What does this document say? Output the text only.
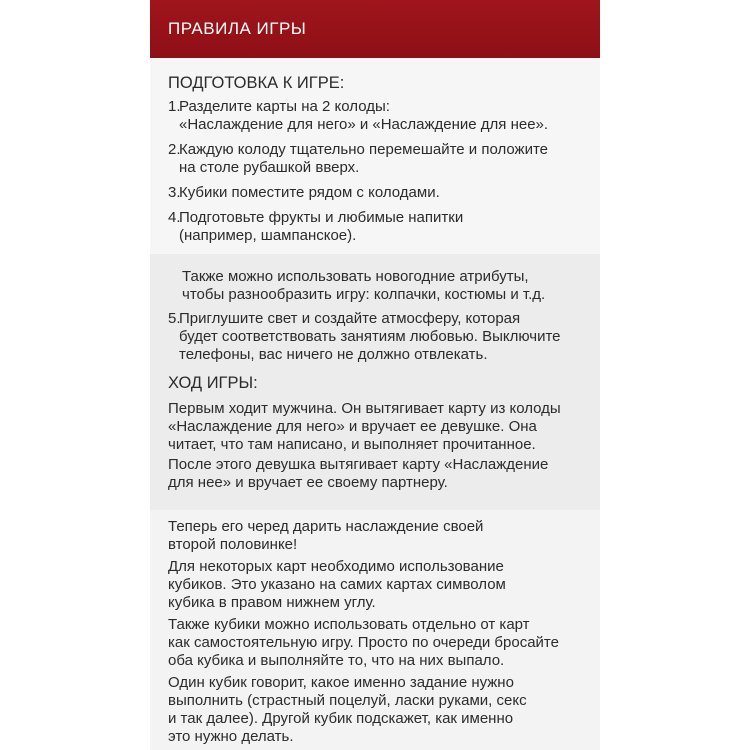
ПРАВИЛА ИГРЫ
ПОДГОТОВКА К ИГРЕ:
1.
Разделите карты на 2 колоды:
«Наслаждение для него» и «Наслаждение для нее».
2.
Каждую колоду тщательно перемешайте и положите
на столе рубашкой вверх.
3.
Кубики поместите рядом с колодами.
4.
Подготовьте фрукты и любимые напитки
(например, шампанское).

Также можно использовать новогодние атрибуты,
чтобы разнообразить игру: колпачки, костюмы и т.д.

5.
Приглушите свет и создайте атмосферу, которая
будет соответствовать занятиям любовью. Выключите
телефоны, вас ничего не должно отвлекать.
ХОД ИГРЫ:

Первым ходит мужчина. Он вытягивает карту из колоды
«Наслаждение для него» и вручает ее девушке. Она
читает, что там написано, и выполняет прочитанное.

После этого девушка вытягивает карту «Наслаждение
для нее» и вручает ее своему партнеру.

Теперь его черед дарить наслаждение своей
второй половинке!

Для некоторых карт необходимо использование
кубиков. Это указано на самих картах символом
кубика в правом нижнем углу.

Также кубики можно использовать отдельно от карт
как самостоятельную игру. Просто по очереди бросайте
оба кубика и выполняйте то, что на них выпало.

Один кубик говорит, какое именно задание нужно
выполнить (страстный поцелуй, ласки руками, секс
и так далее). Другой кубик подскажет, как именно
это нужно делать.
